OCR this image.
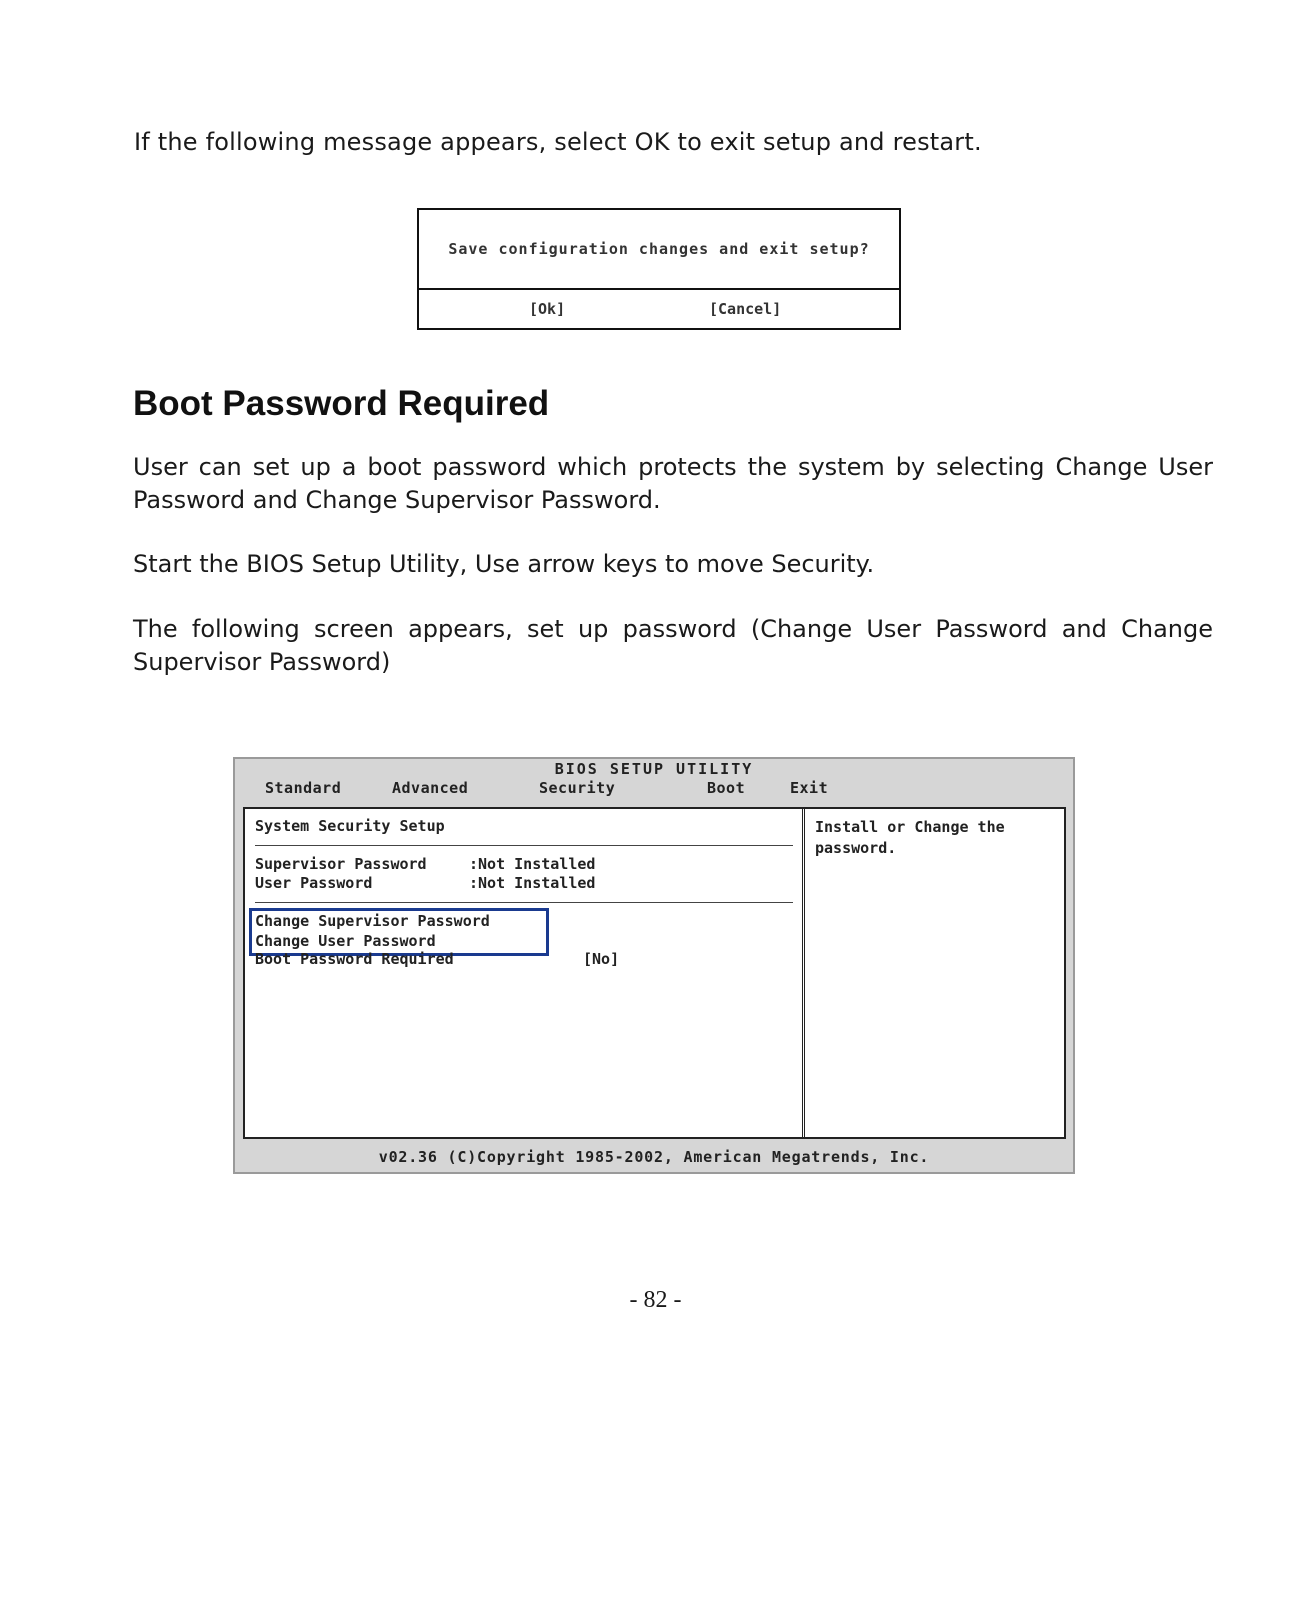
If the following message appears, select OK to exit setup and restart.

Save configuration changes and exit setup?
[Ok]	[Cancel]
Boot Password Required

User can set up a boot password which protects the system by selecting Change User Password and Change Supervisor Password.

Start the BIOS Setup Utility, Use arrow keys to move Security.

The following screen appears, set up password (Change User Password and Change Supervisor Password)

BIOS SETUP UTILITY
Standard	Advanced	Security	Boot	Exit
System Security Setup
Supervisor Password	:Not Installed
User Password	:Not Installed
Change Supervisor Password
Change User Password
Boot Password Required	[No]
Install or Change the password.
v02.36 (C)Copyright 1985-2002, American Megatrends, Inc.
- 82 -
